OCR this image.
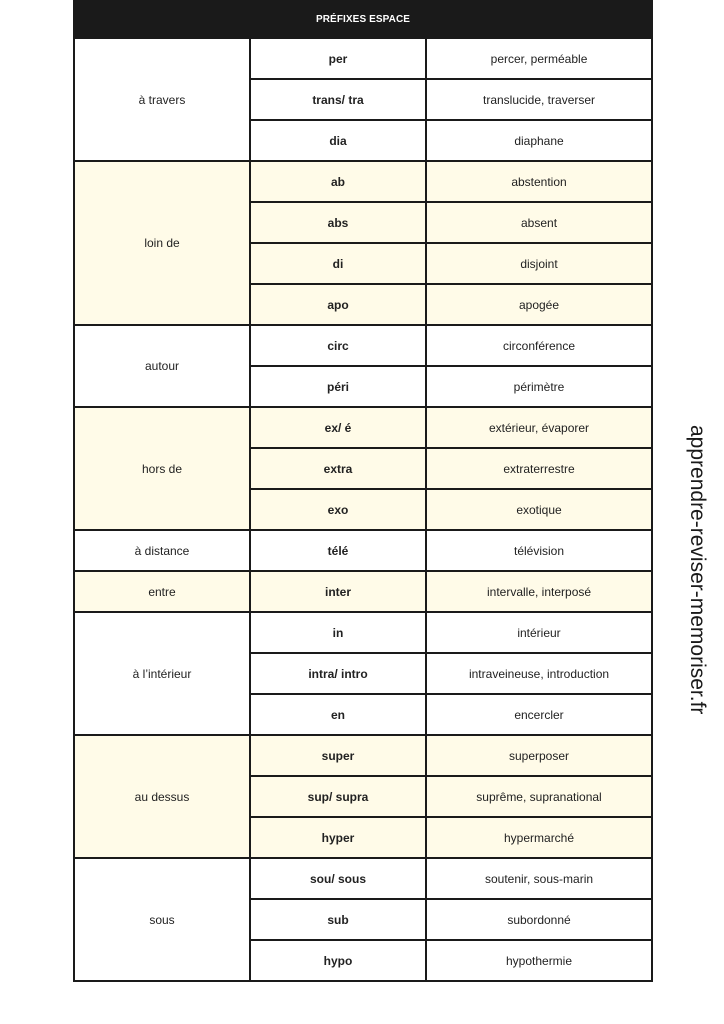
PRÉFIXES ESPACE		
à travers	per	percer, perméable
	trans/ tra	translucide, traverser
	dia	diaphane
loin de	ab	abstention
	abs	absent
	di	disjoint
	apo	apogée
autour	circ	circonférence
	péri	périmètre
hors de	ex/ é	extérieur, évaporer
	extra	extraterrestre
	exo	exotique
à distance	télé	télévision
entre	inter	intervalle, interposé
à l’intérieur	in	intérieur
	intra/ intro	intraveineuse, introduction
	en	encercler
au dessus	super	superposer
	sup/ supra	suprême, supranational
	hyper	hypermarché
sous	sou/ sous	soutenir, sous-marin
	sub	subordonné
	hypo	hypothermie
apprendre-reviser-memoriser.fr
